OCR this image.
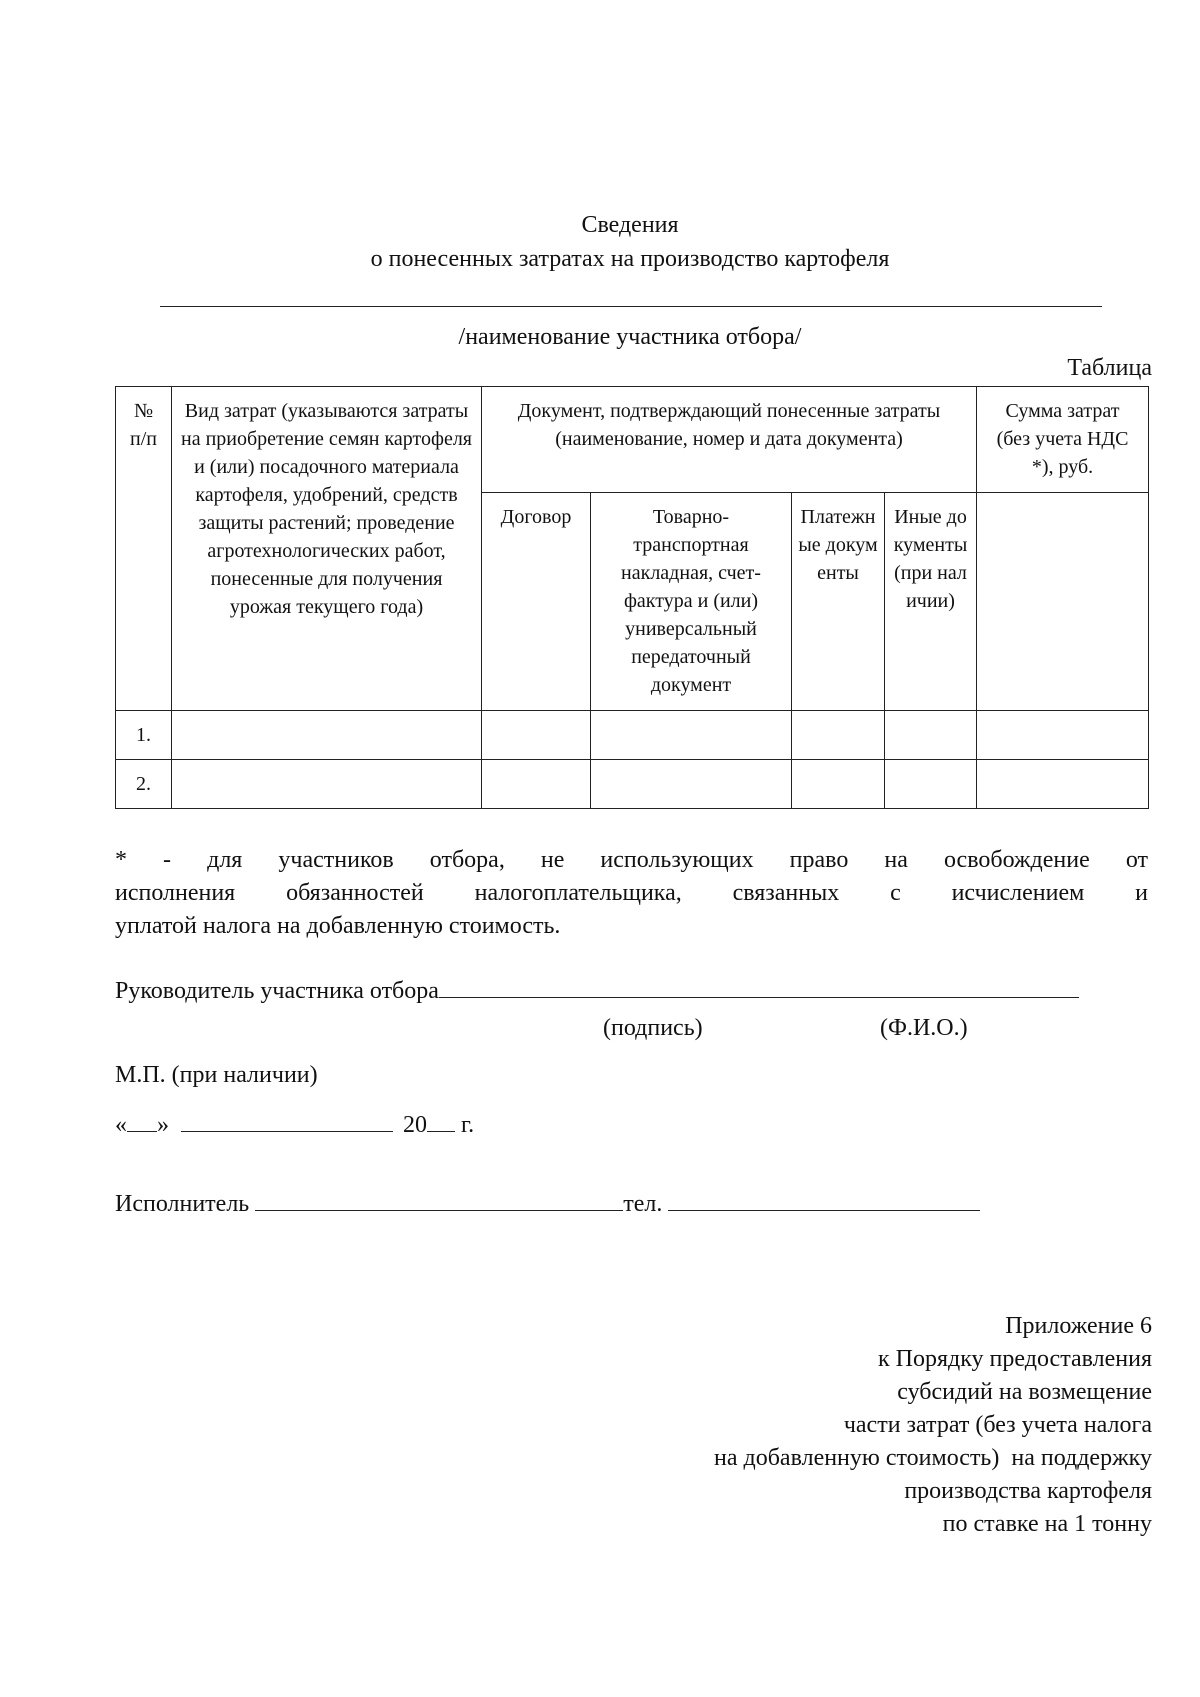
Сведения
о понесенных затратах на производство картофеля
/наименование участника отбора/
Таблица
№ п/п	Вид затрат (указываются затраты на приобретение семян картофеля и (или) посадочного материала картофеля, удобрений, средств защиты растений; проведение агротехнологических работ, понесенные для получения урожая текущего года)	Документ, подтверждающий понесенные затраты (наименование, номер и дата документа)				Сумма затрат (без учета НДС *), руб.
		Договор	Товарно-транспортная накладная, счет-фактура и (или) универсальный передаточный документ	Платежные документы	Иные документы (при наличии)	
1.						
2.						
* - для участников отбора, не использующих право на освобождение от
исполнения обязанностей налогоплательщика, связанных с исчислением и
уплатой налога на добавленную стоимость.
Руководитель участника отбора
(подпись)	(Ф.И.О.)
М.П. (при наличии)
« »	20 г.
Исполнитель	тел.
Приложение 6
к Порядку предоставления
субсидий на возмещение
части затрат (без учета налога
на добавленную стоимость)  на поддержку
производства картофеля
по ставке на 1 тонну
